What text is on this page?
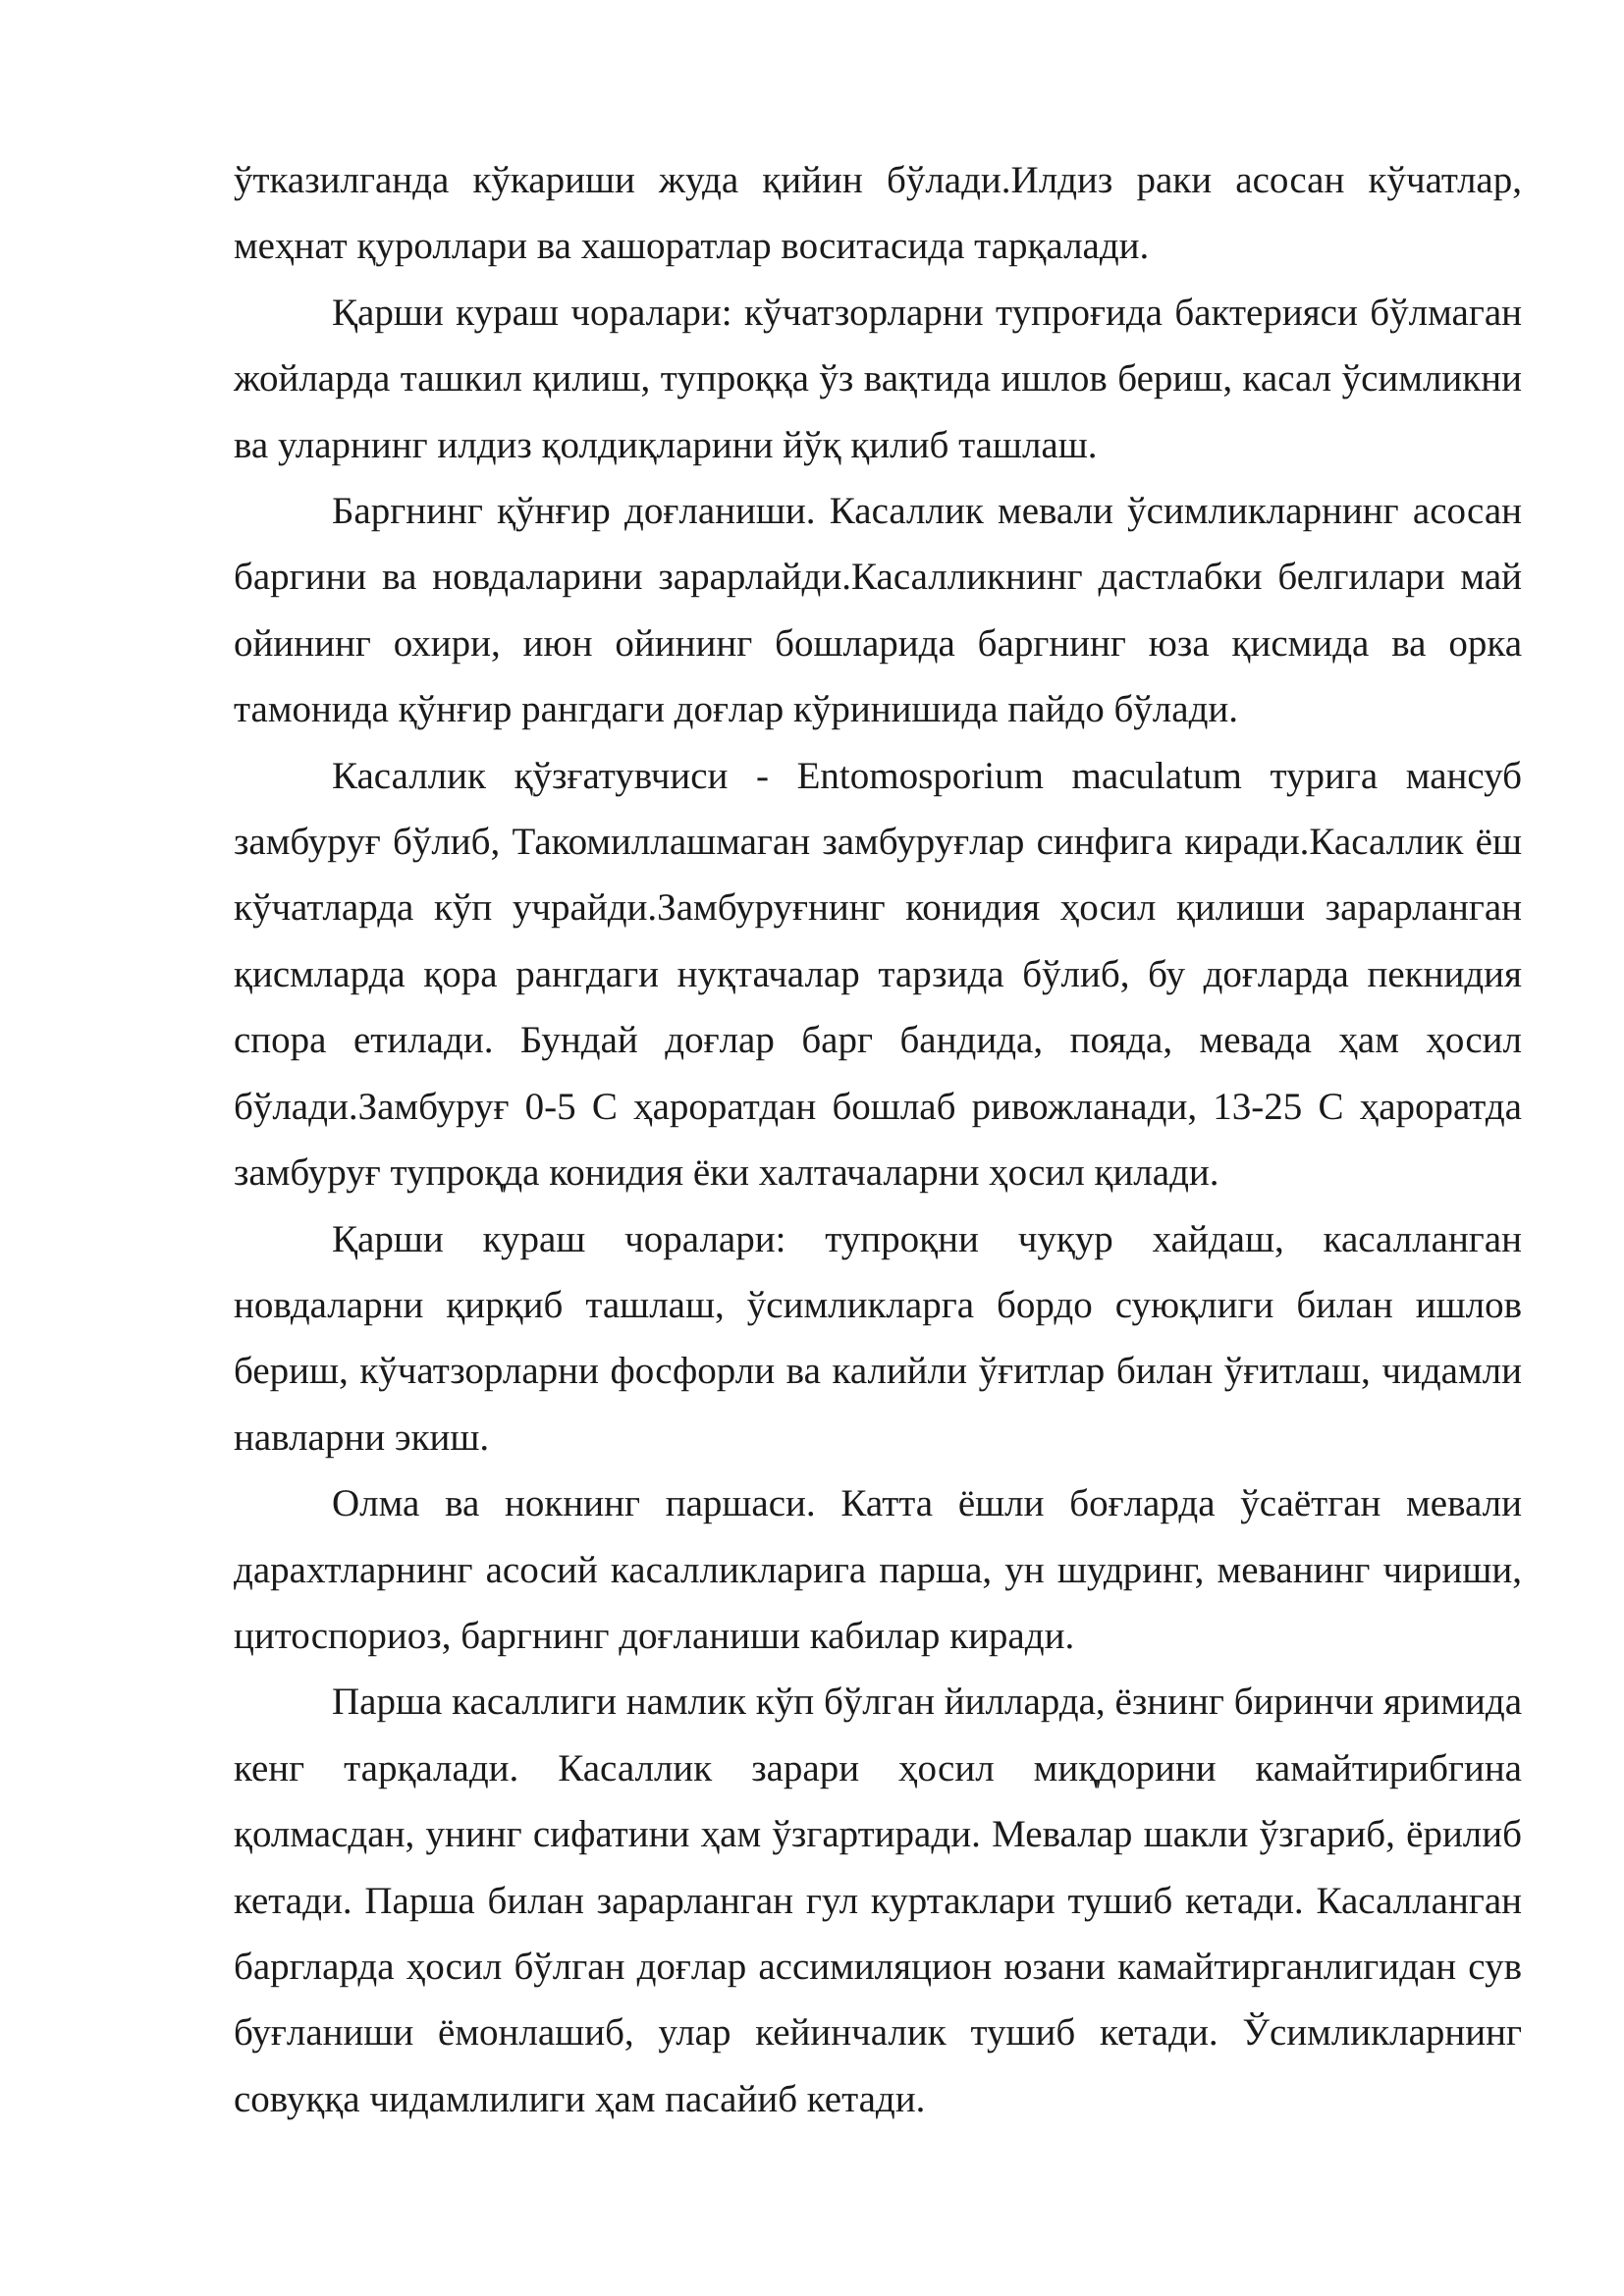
ўтказилганда кўкариши жуда қийин бўлади.Илдиз раки асосан кўчатлар, меҳнат қуроллари ва хашоратлар воситасида тарқалади.

Қарши кураш чоралари: кўчатзорларни тупроғида бактерияси бўлмаган жойларда ташкил қилиш, тупроққа ўз вақтида ишлов бериш, касал ўсимликни ва уларнинг илдиз қолдиқларини йўқ қилиб ташлаш.

Баргнинг қўнғир доғланиши. Касаллик мевали ўсимликларнинг асосан баргини ва новдаларини зарарлайди.Касалликнинг дастлабки белгилари май ойининг охири, июн ойининг бошларида баргнинг юза қисмида ва орка тамонида қўнғир рангдаги доғлар кўринишида пайдо бўлади.

Касаллик қўзғатувчиси - Entomosporium maculatum турига мансуб замбуруғ бўлиб, Такомиллашмаган замбуруғлар синфига киради.Касаллик ёш кўчатларда кўп учрайди.Замбуруғнинг конидия ҳосил қилиши зарарланган қисмларда қора рангдаги нуқтачалар тарзида бўлиб, бу доғларда пекнидия спора етилади. Бундай доғлар барг бандида, пояда, мевада ҳам ҳосил бўлади.Замбуруғ 0-5 С ҳароратдан бошлаб ривожланади, 13-25 С ҳароратда замбуруғ тупроқда конидия ёки халтачаларни ҳосил қилади.

Қарши кураш чоралари: тупроқни чуқур хайдаш, касалланган новдаларни қирқиб ташлаш, ўсимликларга бордо суюқлиги билан ишлов бериш, кўчатзорларни фосфорли ва калийли ўғитлар билан ўғитлаш, чидамли навларни экиш.

Олма ва нокнинг паршаси. Катта ёшли боғларда ўсаётган мевали дарахтларнинг асосий касалликларига парша, ун шудринг, меванинг чириши, цитоспориоз, баргнинг доғланиши кабилар киради.

Парша касаллиги намлик кўп бўлган йилларда, ёзнинг биринчи яримида кенг тарқалади. Касаллик зарари ҳосил миқдорини камайтирибгина қолмасдан, унинг сифатини ҳам ўзгартиради. Мевалар шакли ўзгариб, ёрилиб кетади. Парша билан зарарланган гул куртаклари тушиб кетади. Касалланган баргларда ҳосил бўлган доғлар ассимиляцион юзани камайтирганлигидан сув буғланиши ёмонлашиб, улар кейинчалик тушиб кетади. Ўсимликларнинг совуққа чидамлилиги ҳам пасайиб кетади.
